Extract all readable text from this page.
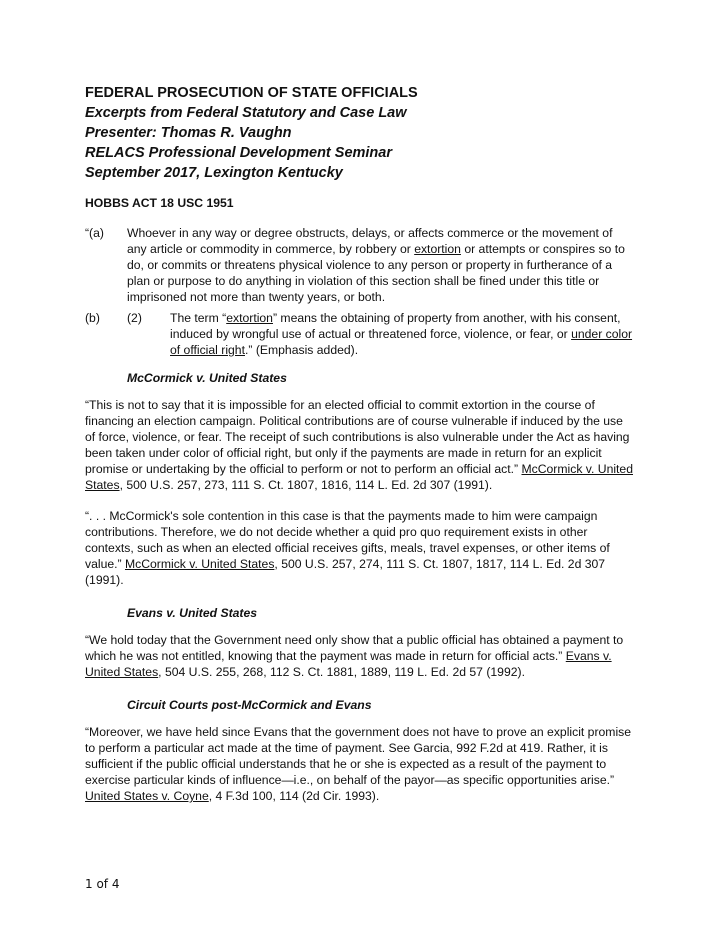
FEDERAL PROSECUTION OF STATE OFFICIALS
Excerpts from Federal Statutory and Case Law
Presenter: Thomas R. Vaughn
RELACS Professional Development Seminar
September 2017, Lexington Kentucky
HOBBS ACT 18 USC 1951
“(a)	Whoever in any way or degree obstructs, delays, or affects commerce or the movement of any article or commodity in commerce, by robbery or extortion or attempts or conspires so to do, or commits or threatens physical violence to any person or property in furtherance of a plan or purpose to do anything in violation of this section shall be fined under this title or imprisoned not more than twenty years, or both.
(b)	(2)	The term “extortion” means the obtaining of property from another, with his consent, induced by wrongful use of actual or threatened force, violence, or fear, or under color of official right.” (Emphasis added).
McCormick v. United States

“This is not to say that it is impossible for an elected official to commit extortion in the course of financing an election campaign. Political contributions are of course vulnerable if induced by the use of force, violence, or fear. The receipt of such contributions is also vulnerable under the Act as having been taken under color of official right, but only if the payments are made in return for an explicit promise or undertaking by the official to perform or not to perform an official act.” McCormick v. United States, 500 U.S. 257, 273, 111 S. Ct. 1807, 1816, 114 L. Ed. 2d 307 (1991).

“. . . McCormick's sole contention in this case is that the payments made to him were campaign contributions. Therefore, we do not decide whether a quid pro quo requirement exists in other contexts, such as when an elected official receives gifts, meals, travel expenses, or other items of value.” McCormick v. United States, 500 U.S. 257, 274, 111 S. Ct. 1807, 1817, 114 L. Ed. 2d 307 (1991).

Evans v. United States

“We hold today that the Government need only show that a public official has obtained a payment to which he was not entitled, knowing that the payment was made in return for official acts.” Evans v. United States, 504 U.S. 255, 268, 112 S. Ct. 1881, 1889, 119 L. Ed. 2d 57 (1992).

Circuit Courts post-McCormick and Evans

“Moreover, we have held since Evans that the government does not have to prove an explicit promise to perform a particular act made at the time of payment. See Garcia, 992 F.2d at 419. Rather, it is sufficient if the public official understands that he or she is expected as a result of the payment to exercise particular kinds of influence—i.e., on behalf of the payor—as specific opportunities arise.” United States v. Coyne, 4 F.3d 100, 114 (2d Cir. 1993).

1 of 4
